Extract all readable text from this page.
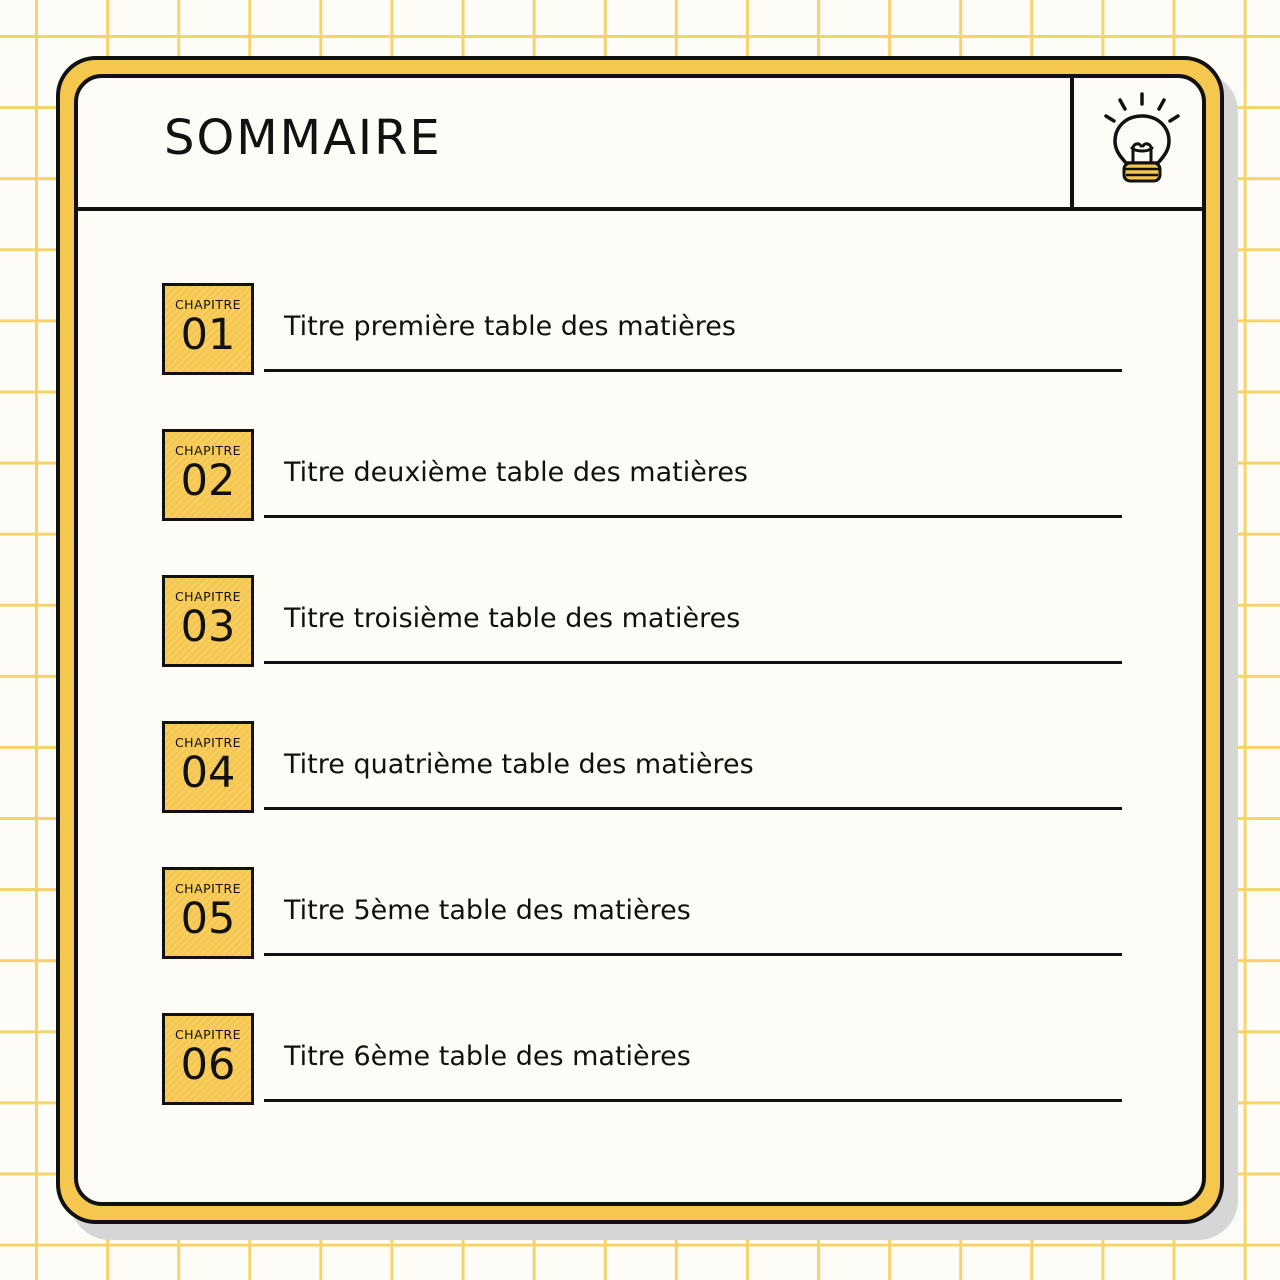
SOMMAIRE
CHAPITRE
01	Titre première table des matières
CHAPITRE
02	Titre deuxième table des matières
CHAPITRE
03	Titre troisième table des matières
CHAPITRE
04	Titre quatrième table des matières
CHAPITRE
05	Titre 5ème table des matières
CHAPITRE
06	Titre 6ème table des matières
